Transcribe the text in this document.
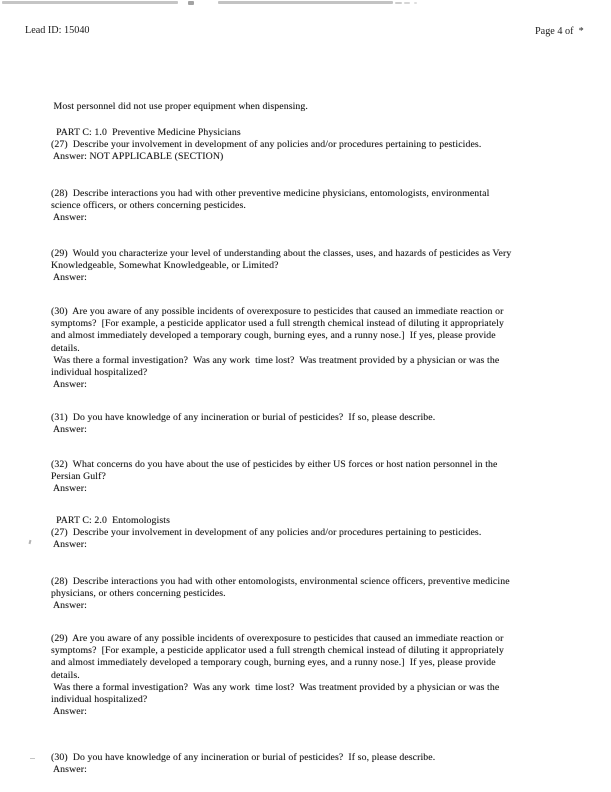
Lead ID: 15040	Page 4 of  *
Most personnel did not use proper equipment when dispensing.
PART C: 1.0  Preventive Medicine Physicians
(27)  Describe your involvement in development of any policies and/or procedures pertaining to pesticides.
Answer: NOT APPLICABLE (SECTION)
(28)  Describe interactions you had with other preventive medicine physicians, entomologists, environmental
science officers, or others concerning pesticides.
Answer:
(29)  Would you characterize your level of understanding about the classes, uses, and hazards of pesticides as Very
Knowledgeable, Somewhat Knowledgeable, or Limited?
Answer:
(30)  Are you aware of any possible incidents of overexposure to pesticides that caused an immediate reaction or
symptoms?  [For example, a pesticide applicator used a full strength chemical instead of diluting it appropriately
and almost immediately developed a temporary cough, burning eyes, and a runny nose.]  If yes, please provide
details.
Was there a formal investigation?  Was any work  time lost?  Was treatment provided by a physician or was the
individual hospitalized?
Answer:
(31)  Do you have knowledge of any incineration or burial of pesticides?  If so, please describe.
Answer:
(32)  What concerns do you have about the use of pesticides by either US forces or host nation personnel in the
Persian Gulf?
Answer:
PART C: 2.0  Entomologists
(27)  Describe your involvement in development of any policies and/or procedures pertaining to pesticides.
Answer:
(28)  Describe interactions you had with other entomologists, environmental science officers, preventive medicine
physicians, or others concerning pesticides.
Answer:
(29)  Are you aware of any possible incidents of overexposure to pesticides that caused an immediate reaction or
symptoms?  [For example, a pesticide applicator used a full strength chemical instead of diluting it appropriately
and almost immediately developed a temporary cough, burning eyes, and a runny nose.]  If yes, please provide
details.
Was there a formal investigation?  Was any work  time lost?  Was treatment provided by a physician or was the
individual hospitalized?
Answer:
(30)  Do you have knowledge of any incineration or burial of pesticides?  If so, please describe.
Answer:
